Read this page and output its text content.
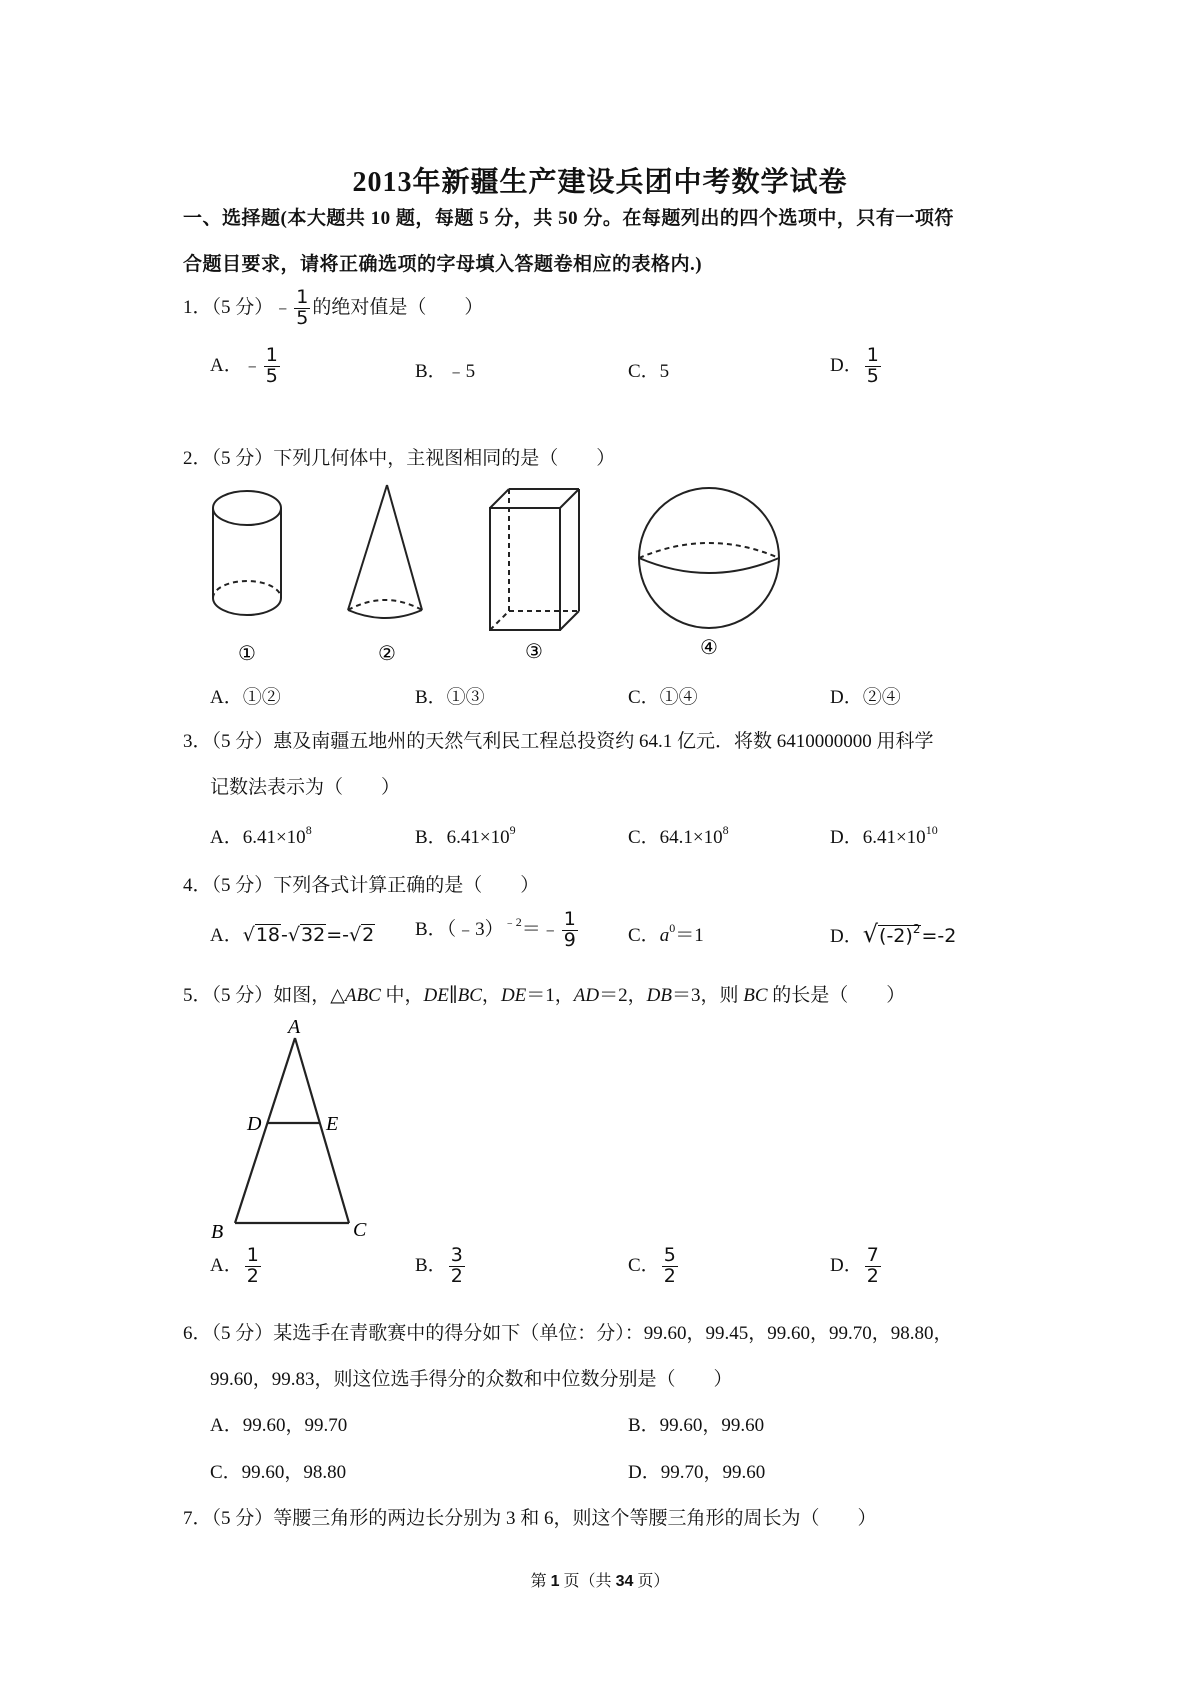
2013年新疆生产建设兵团中考数学试卷
一、选择题(本大题共 10 题，每题 5 分，共 50 分。在每题列出的四个选项中，只有一项符
合题目要求，请将正确选项的字母填入答题卷相应的表格内.)
1．（5 分）﹣ $\frac{1}{5}$ 的绝对值是（　　）
A．﹣ $\frac{1}{5}$	B．﹣5	C．5	D． $\frac{1}{5}$
2．（5 分）下列几何体中，主视图相同的是（　　）
①	②	③	④
A．①②	B．①③	C．①④	D．②④
3．（5 分）惠及南疆五地州的天然气利民工程总投资约 64.1 亿元．将数 6410000000 用科学
记数法表示为（　　）
A．$6.41\times 10^8$	B．$6.41\times 10^9$	C．$64.1\times 10^8$	D．$6.41\times 10^{10}$
4．（5 分）下列各式计算正确的是（　　）
A．√18-√32=-√2 B．（﹣3）$^{﹣2}$＝﹣ $\frac{1}{9}$	C．$a^0=1$	D．$√(-2)^2=-2$
5．（5 分）如图，△ABC 中，DE∥BC，DE＝1，AD＝2，DB＝3，则 BC 的长是（　　）
A
D	E
B	C
A． $\frac{1}{2}$	B． $\frac{3}{2}$	C． $\frac{5}{2}$	D． $\frac{7}{2}$
6．（5 分）某选手在青歌赛中的得分如下（单位：分）：99.60，99.45，99.60，99.70，98.80，
99.60，99.83，则这位选手得分的众数和中位数分别是（　　）
A．99.60，99.70	B．99.60，99.60
C．99.60，98.80	D．99.70，99.60
7．（5 分）等腰三角形的两边长分别为 3 和 6，则这个等腰三角形的周长为（　　）
第 1 页（共 34 页）
